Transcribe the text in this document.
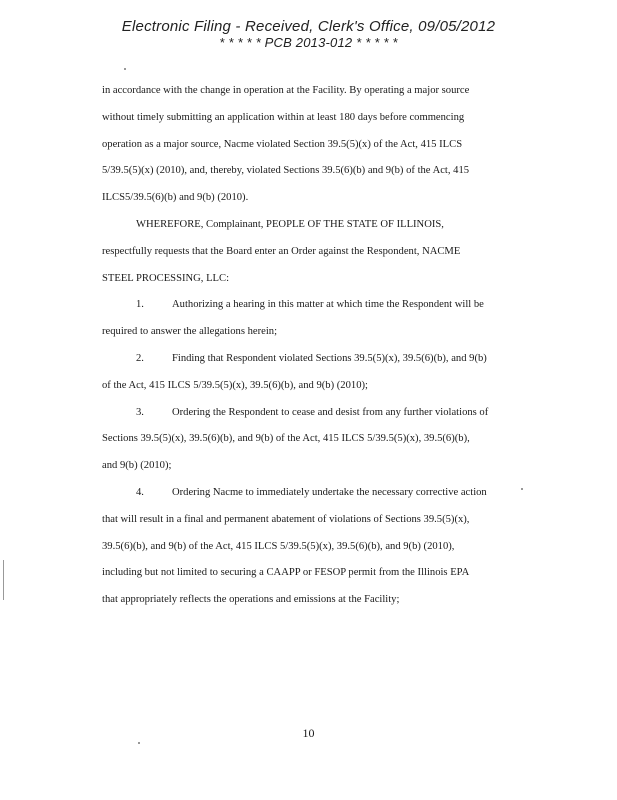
Electronic Filing - Received, Clerk's Office, 09/05/2012
* * * * * PCB 2013-012 * * * * *
in accordance with the change in operation at the Facility. By operating a major source
without timely submitting an application within at least 180 days before commencing
operation as a major source, Nacme violated Section 39.5(5)(x) of the Act, 415 ILCS
5/39.5(5)(x) (2010), and, thereby, violated Sections 39.5(6)(b) and 9(b) of the Act, 415
ILCS5/39.5(6)(b) and 9(b) (2010).
WHEREFORE, Complainant, PEOPLE OF THE STATE OF ILLINOIS,
respectfully requests that the Board enter an Order against the Respondent, NACME
STEEL PROCESSING, LLC:
1.	Authorizing a hearing in this matter at which time the Respondent will be
required to answer the allegations herein;
2.	Finding that Respondent violated Sections 39.5(5)(x), 39.5(6)(b), and 9(b)
of the Act, 415 ILCS 5/39.5(5)(x), 39.5(6)(b), and 9(b) (2010);
3.	Ordering the Respondent to cease and desist from any further violations of
Sections 39.5(5)(x), 39.5(6)(b), and 9(b) of the Act, 415 ILCS 5/39.5(5)(x), 39.5(6)(b),
and 9(b) (2010);
4.	Ordering Nacme to immediately undertake the necessary corrective action
that will result in a final and permanent abatement of violations of Sections 39.5(5)(x),
39.5(6)(b), and 9(b) of the Act, 415 ILCS 5/39.5(5)(x), 39.5(6)(b), and 9(b) (2010),
including but not limited to securing a CAAPP or FESOP permit from the Illinois EPA
that appropriately reflects the operations and emissions at the Facility;
10
